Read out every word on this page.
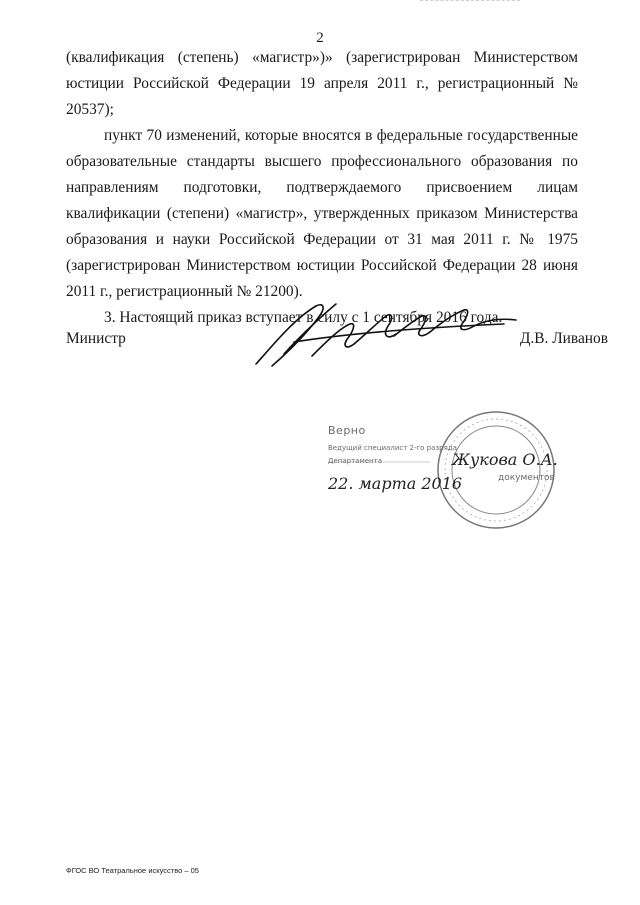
2

(квалификация (степень) «магистр»)» (зарегистрирован Министерством юстиции Российской Федерации 19 апреля 2011 г., регистрационный № 20537);

пункт 70 изменений, которые вносятся в федеральные государственные образовательные стандарты высшего профессионального образования по направлениям подготовки, подтверждаемого присвоением лицам квалификации (степени) «магистр», утвержденных приказом Министерства образования и науки Российской Федерации от 31 мая 2011 г. № 1975 (зарегистрирован Министерством юстиции Российской Федерации 28 июня 2011 г., регистрационный № 21200).

3. Настоящий приказ вступает в силу с 1 сентября 2016 года.

Министр	Д.В. Ливанов
Верно
Ведущий специалист 2-го разряда
Департамента
документов
Жукова О.А.
22. марта 2016
ФГОС ВО Театральное искусство – 05
